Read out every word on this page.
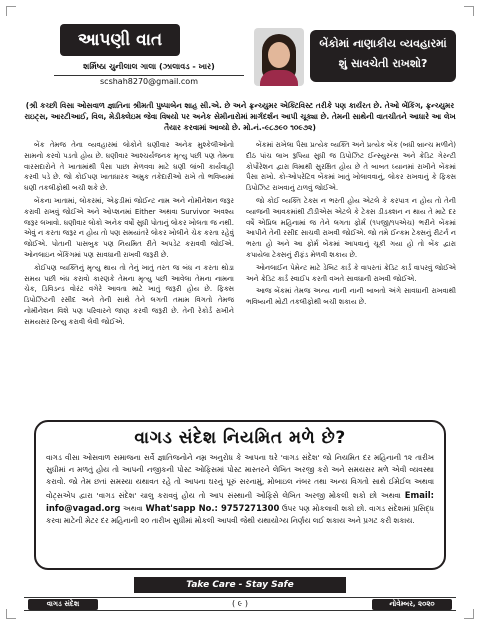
આપણી વાત
શર્મિષ્ઠા ચુનીલાલ ગાલા (ઝાલાવડ - ખાર)
scshah8270@gmail.com
બેંકોમાં નાણાકીય વ્યવહારમાં
શું સાવચેતી રાખશો?
(શ્રી કચ્છી વિસા ઓસવાળ જ્ઞાતિના શ્રીમતી પુષ્પાબેન શાહ સી.એ. છે અને ફ્રન્ચ્યુમર એક્ટિવિસ્ટ તરીકે પણ કાર્યરત છે. તેઓ બેંકિંગ, ફ્રન્ચ્યુમર રાઇટ્સ, આરટીઆઈ, વિલ, મેડીક્લેઇમ જેવા વિષયો પર અનેક સેમીનારોમાં માર્ગદર્શન આપી ચૂક્યા છે. તેમની સાથેની વાતચીતને આધારે આ લેખ તૈયાર કરવામાં આવ્યો છે. મો.નં.-૯૮૭૯૦ ૧૦૯૭૨)

બેંક તેમજ તેના વ્યવહારમાં લોકોને ઘણીવાર અનેક મુશ્કેલીઓનો સામનો કરવો પડતો હોય છે. ઘણીવાર આશ્ચર્યજનક મૃત્યુ પછી પણ તેમના વારસદારોને તે ખાતામાંથી પૈસા પાછા મેળવવા માટે ઘણી લાંબી કાર્યવાહી કરવી પડે છે. જો કોઈપણ ખાતાધારક અમુક તકેદારીઓ રાખે તો ભવિષ્યમાં ઘણી તકલીફોથી બચી શકે છે.

બેંકના ખાતામાં, લોકરમાં, એફડીમાં જોઈન્ટ નામ અને નોમીનેશન જરૂર કરાવી રાખવું જોઈએ અને ઓપ્શનમાં Either અથવા Survivor અવશ્ય જરૂર લખાવો. ઘણીવાર લોકો અનેક વર્ષો સુધી પોતાનું લોકર ખોલતા જ નથી. એવું ન કરતા જરૂર ન હોય તો પણ સમયાંતરે લોકર ખોલીને ચેક કરતા રહેવું જોઈએ. પોતાની પાસબુક પણ નિયમિત રીતે અપડેટ કરાવવી જોઈએ. ઓનલાઇન બેંકિંગમાં પણ સાવધાની રાખવી જરૂરી છે.

કોઈપણ વ્યક્તિનું મૃત્યુ થાય તો તેનું ખાતું તરત જ બંધ ન કરતા થોડા સમય પછી બંધ કરાવો કારણકે તેમના મૃત્યુ પછી આવેલા તેમના નામના ચેક, ડિવિડન્ડ વોરંટ વગેરે આવતા માટે ખાતું જરૂરી હોય છે. ફિક્સ ડિપોઝિટની રસીદ અને તેની સાથે તેને લગતી તમામ વિગતો તેમજ નોમીનેશન વિશે પણ પરિવારને જાણ કરવી જરૂરી છે. તેની રેકોર્ડ રાખીને સમયસર રિન્યુ કરાવી લેવી જોઈએ.

બેંકમાં રાખેલા પૈસા પ્રત્યેક વ્યક્તિ અને પ્રત્યેક બેંક (બધી બ્રાન્ચ મળીને) દીઠ પાંચ લાખ રૂપિયા સુધી જ ડિપોઝિટ ઈન્સ્યુરન્સ અને ક્રેડિટ ગેરન્ટી કોર્પોરેશન દ્વારા વિમાથી સુરક્ષિત હોય છે તે બાબત ધ્યાનમાં રાખીને બેંકમાં પૈસા રાખો. કો-ઓપરેટિવ બેંકમાં ખાતું ખોલાવવાનું, લોકર રાખવાનું કે ફિક્સ ડિપોઝિટ રાખવાનું ટાળવું જોઈએ.

જો કોઈ વ્યક્તિ ટેક્સ ન ભરતી હોય એટલે કે કરપાત્ર ન હોય તો તેની વ્યાજની આવકમાંથી ટીડીએસ એટલે કે ટેક્સ ડીડક્શન ન થાય તે માટે દર વર્ષે એપ્રિલ મહિનામાં જ તેને લગતા ફોર્મ (૧૫જી/૧૫એચ) ભરીને બેંકમાં આપીને તેની રસીદ સાચવી રાખવી જોઈએ. જો તમે ઈન્કમ ટેક્સનું રીટર્ન ન ભરતા હો અને આ ફોર્મ બેંકમાં આપવાનું ચૂકી ગયા હો તો બેંક દ્વારા કપાયેલા ટેક્સનું રીફંડ મેળવી શકાય છે.

ઓનલાઈન પેમેન્ટ માટે ડેબિટ કાર્ડ કે વાપરતાં ક્રેડિટ કાર્ડ વાપરવું જોઈએ અને ક્રેડિટ કાર્ડ સ્વાઈપ કરતી વખતે સાવધાની રાખવી જોઈએ.

આજ બેંકમાં તેમજ અન્ય નાની નાની બાબતો અંગે સાવધાની રાખવાથી ભવિષ્યની મોટી તકલીફોથી બચી શકાય છે.

વાગડ સંદેશ નિયમિત મળે છે?
વાગડ વીસા ઓસવાળ સમાજના સર્વે જ્ઞાતિજનોને નમ્ર અનુરોધ કે આપના ઘરે 'વાગડ સંદેશ' જો નિયમિત દર મહિનાની ૧૨ તારીખ સુધીમાં ન મળતું હોય તો આપની નજીકની પોસ્ટ ઓફિસમાં પોસ્ટ માસ્તરને લેખિત અરજી કરો અને સમયસર મળે એવી વ્યવસ્થા કરાવો. જો તેમ છતાં સમસ્યા યથાવત રહે તો આપના ઘરનું પૂરું સરનામું, મોબાઇલ નંબર તથા અન્ય વિગતો સાથે ઈમેઈલ અથવા વોટ્સએપ દ્વારા 'વાગડ સંદેશ' ચાલુ કરાવવું હોય તો આપ સંસ્થાની ઓફિસે લેખિત અરજી મોકલી શકો છો અથવા Email: info@vagad.org અથવા What'sapp No.: 9757271300 ઉપર પણ મોકલાવી શકો છો. વાગડ સંદેશમાં પ્રસિદ્ધ કરવા માટેની મેટર દર મહિનાની ૨૦ તારીખ સુધીમાં મોકલી આપવી જેથી યથાયોગ્ય નિર્ણય લઈ શકાય અને પ્રગટ કરી શકાય.
Take Care - Stay Safe
વાગડ સંદેશ	( ૯ )	નોવેમ્બર, ૨૦૨૦
